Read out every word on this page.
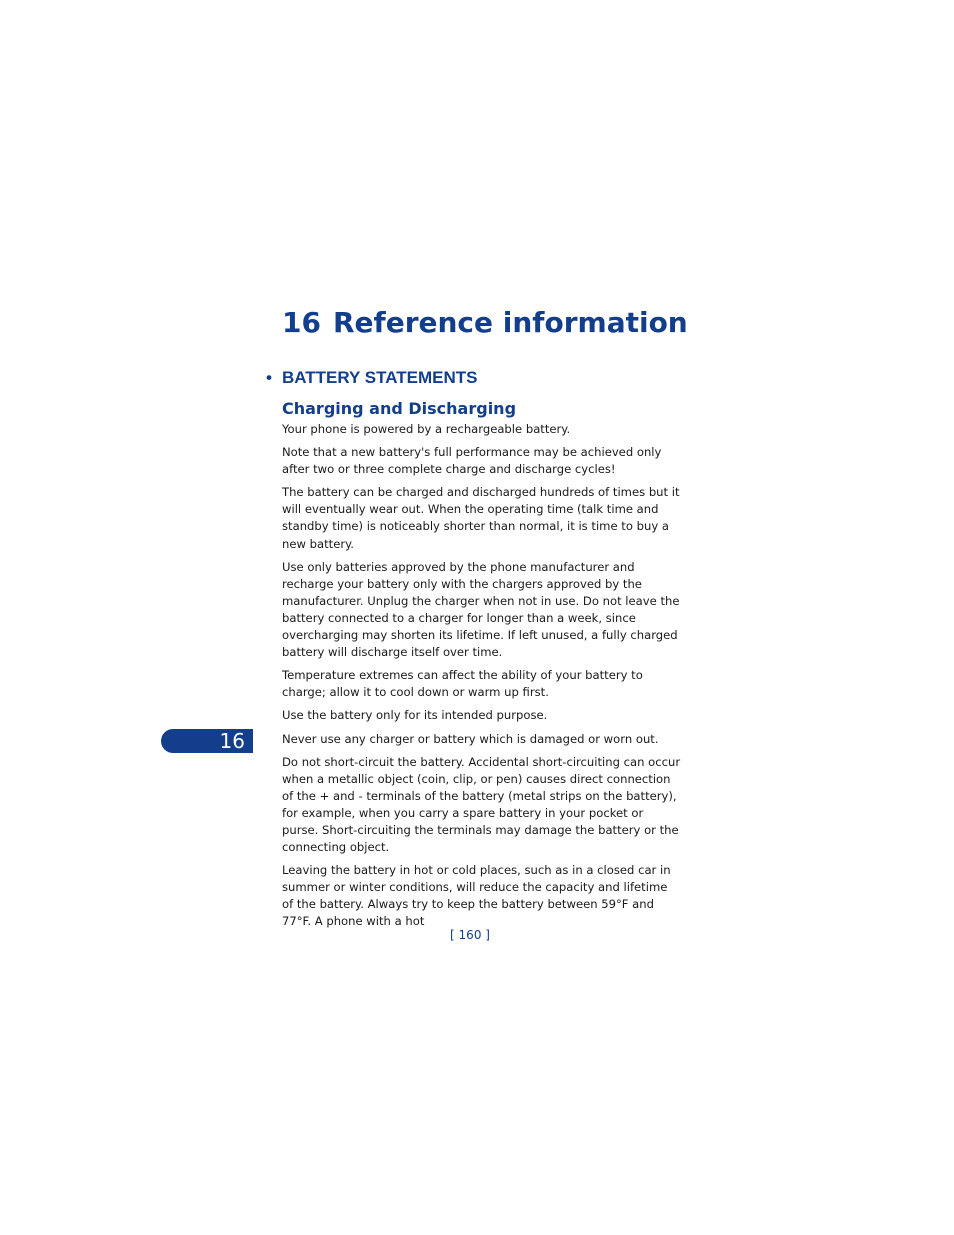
16 Reference information
• BATTERY STATEMENTS
Charging and Discharging

Your phone is powered by a rechargeable battery.

Note that a new battery's full performance may be achieved only after two or three complete charge and discharge cycles!

The battery can be charged and discharged hundreds of times but it will eventually wear out. When the operating time (talk time and standby time) is noticeably shorter than normal, it is time to buy a new battery.

Use only batteries approved by the phone manufacturer and recharge your battery only with the chargers approved by the manufacturer. Unplug the charger when not in use. Do not leave the battery connected to a charger for longer than a week, since overcharging may shorten its lifetime. If left unused, a fully charged battery will discharge itself over time.

Temperature extremes can affect the ability of your battery to charge; allow it to cool down or warm up first.

Use the battery only for its intended purpose.

Never use any charger or battery which is damaged or worn out.

Do not short-circuit the battery. Accidental short-circuiting can occur when a metallic object (coin, clip, or pen) causes direct connection of the + and - terminals of the battery (metal strips on the battery), for example, when you carry a spare battery in your pocket or purse. Short-circuiting the terminals may damage the battery or the connecting object.

Leaving the battery in hot or cold places, such as in a closed car in summer or winter conditions, will reduce the capacity and lifetime of the battery. Always try to keep the battery between 59°F and 77°F. A phone with a hot

16
[ 160 ]
